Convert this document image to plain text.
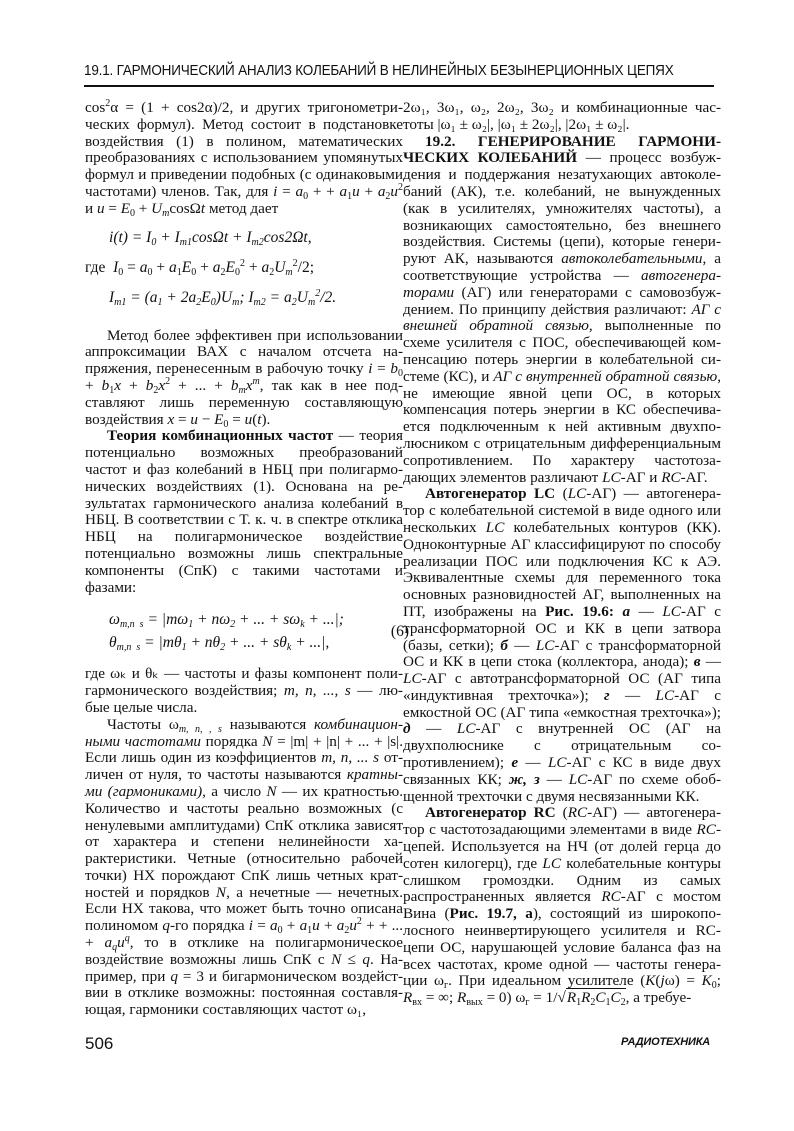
19.1. ГАРМОНИЧЕСКИЙ АНАЛИЗ КОЛЕБАНИЙ В НЕЛИНЕЙНЫХ БЕЗЫНЕРЦИОННЫХ ЦЕПЯХ

$\cos^2\alpha = (1 + \cos 2\alpha)/2$, и других тригонометрических формул). Метод состоит в подстановке воздействия (1) в полином, математических преобразованиях с использованием упомянутых формул и приведении подобных (с одинаковыми частотами) членов. Так, для $i = a_0$ + + $a_1u + a_2u^2$ и $u = E_0 + U_m\cos\Omega t$ метод дает

$i(t) = I_0 + I_{m1}\cos\Omega t + I_{m2}\cos 2\Omega t$,
где $I_0 = a_0 + a_1E_0 + a_2E_0^2 + a_2U_m^2/2$;
$I_{m1} = (a_1 + 2a_2E_0)U_m$; $I_{m2} = a_2U_m^2/2$.

Метод более эффективен при использовании аппроксимации ВАХ с началом отсчета напряжения, перенесенным в рабочую точку $i = b_0 + b_1x + b_2x^2$ + ... + $b_mx^m$, так как в нее подставляют лишь переменную составляющую воздействия $x = u - E_0 = u(t)$.

Теория комбинационных частот — теория потенциально возможных преобразований частот и фаз колебаний в НБЦ при полигармонических воздействиях (1). Основана на результатах гармонического анализа колебаний в НБЦ. В соответствии с Т. к. ч. в спектре отклика НБЦ на полигармоническое воздействие потенциально возможны лишь спектральные компоненты (СпК) с такими частотами и фазами:

$\omega_{m,n s} = |m\omega_1 + n\omega_2$ + ... + $s\omega_k$ + ...|;
$\theta_{m,n s} = |m\theta_1 + n\theta_2$ + ... + $s\theta_k$ + ...|,
(6)

где ωₖ и θₖ — частоты и фазы компонент полигармонического воздействия; m, n, ..., s — любые целые числа.

Частоты $\omega_{m, n, , s}$ называются комбинационными частотами порядка N = |m| + |n| + ... + |s|. Если лишь один из коэффициентов m, n, ... s отличен от нуля, то частоты называются кратными (гармониками), а число N — их кратностью. Количество и частоты реально возможных (с ненулевыми амплитудами) СпК отклика зависят от характера и степени нелинейности характеристики. Четные (относительно рабочей точки) НХ порождают СпК лишь четных кратностей и порядков N, а нечетные — нечетных. Если НХ такова, что может быть точно описана полиномом q-го порядка $i = a_0 + a_1u + a_2u^2$ + + ... + $a_qu^q$, то в отклике на полигармоническое воздействие возможны лишь СпК с N ≤ q. Например, при q = 3 и бигармоническом воздействии в отклике возможны: постоянная составляющая, гармоники составляющих частот ω₁,

2ω₁, 3ω₁, ω₂, 2ω₂, 3ω₂ и комбинационные частоты |ω₁ ± ω₂|, |ω₁ ± 2ω₂|, |2ω₁ ± ω₂|.

19.2. ГЕНЕРИРОВАНИЕ ГАРМОНИЧЕСКИХ КОЛЕБАНИЙ — процесс возбуждения и поддержания незатухающих автоколебаний (АК), т.е. колебаний, не вынужденных (как в усилителях, умножителях частоты), а возникающих самостоятельно, без внешнего воздействия. Системы (цепи), которые генерируют АК, называются автоколебательными, а соответствующие устройства — автогенераторами (АГ) или генераторами с самовозбуждением. По принципу действия различают: АГ с внешней обратной связью, выполненные по схеме усилителя с ПОС, обеспечивающей компенсацию потерь энергии в колебательной системе (КС), и АГ с внутренней обратной связью, не имеющие явной цепи ОС, в которых компенсация потерь энергии в КС обеспечивается подключенным к ней активным двухполюсником с отрицательным дифференциальным сопротивлением. По характеру частотозадающих элементов различают LC-АГ и RC-АГ.

Автогенератор LC (LC-АГ) — автогенератор с колебательной системой в виде одного или нескольких LC колебательных контуров (КК). Одноконтурные АГ классифицируют по способу реализации ПОС или подключения КС к АЭ. Эквивалентные схемы для переменного тока основных разновидностей АГ, выполненных на ПТ, изображены на Рис. 19.6: а — LC-АГ с трансформаторной ОС и КК в цепи затвора (базы, сетки); б — LC-АГ с трансформаторной ОС и КК в цепи стока (коллектора, анода); в — LC-АГ с автотрансформаторной ОС (АГ типа «индуктивная трехточка»); г — LC-АГ с емкостной ОС (АГ типа «емкостная трехточка»); д — LC-АГ с внутренней ОС (АГ на двухполюснике с отрицательным сопротивлением); е — LC-АГ с КС в виде двух связанных КК; ж, з — LC-АГ по схеме обобщенной трехточки с двумя несвязанными КК.

Автогенератор RC (RC-АГ) — автогенератор с частотозадающими элементами в виде RC-цепей. Используется на НЧ (от долей герца до сотен килогерц), где LC колебательные контуры слишком громоздки. Одним из самых распространенных является RC-АГ с мостом Вина (Рис. 19.7, а), состоящий из широкополосного неинвертирующего усилителя и RC-цепи ОС, нарушающей условие баланса фаз на всех частотах, кроме одной — частоты генерации $\omega_г$. При идеальном усилителе ($K(j\omega) = K_0$; $R_{вх}$ = ∞; $R_{вых} = 0$) $\omega_г = 1/√R_1R_2C_1C_2$, а требуе-

506	РАДИОТЕХНИКА
